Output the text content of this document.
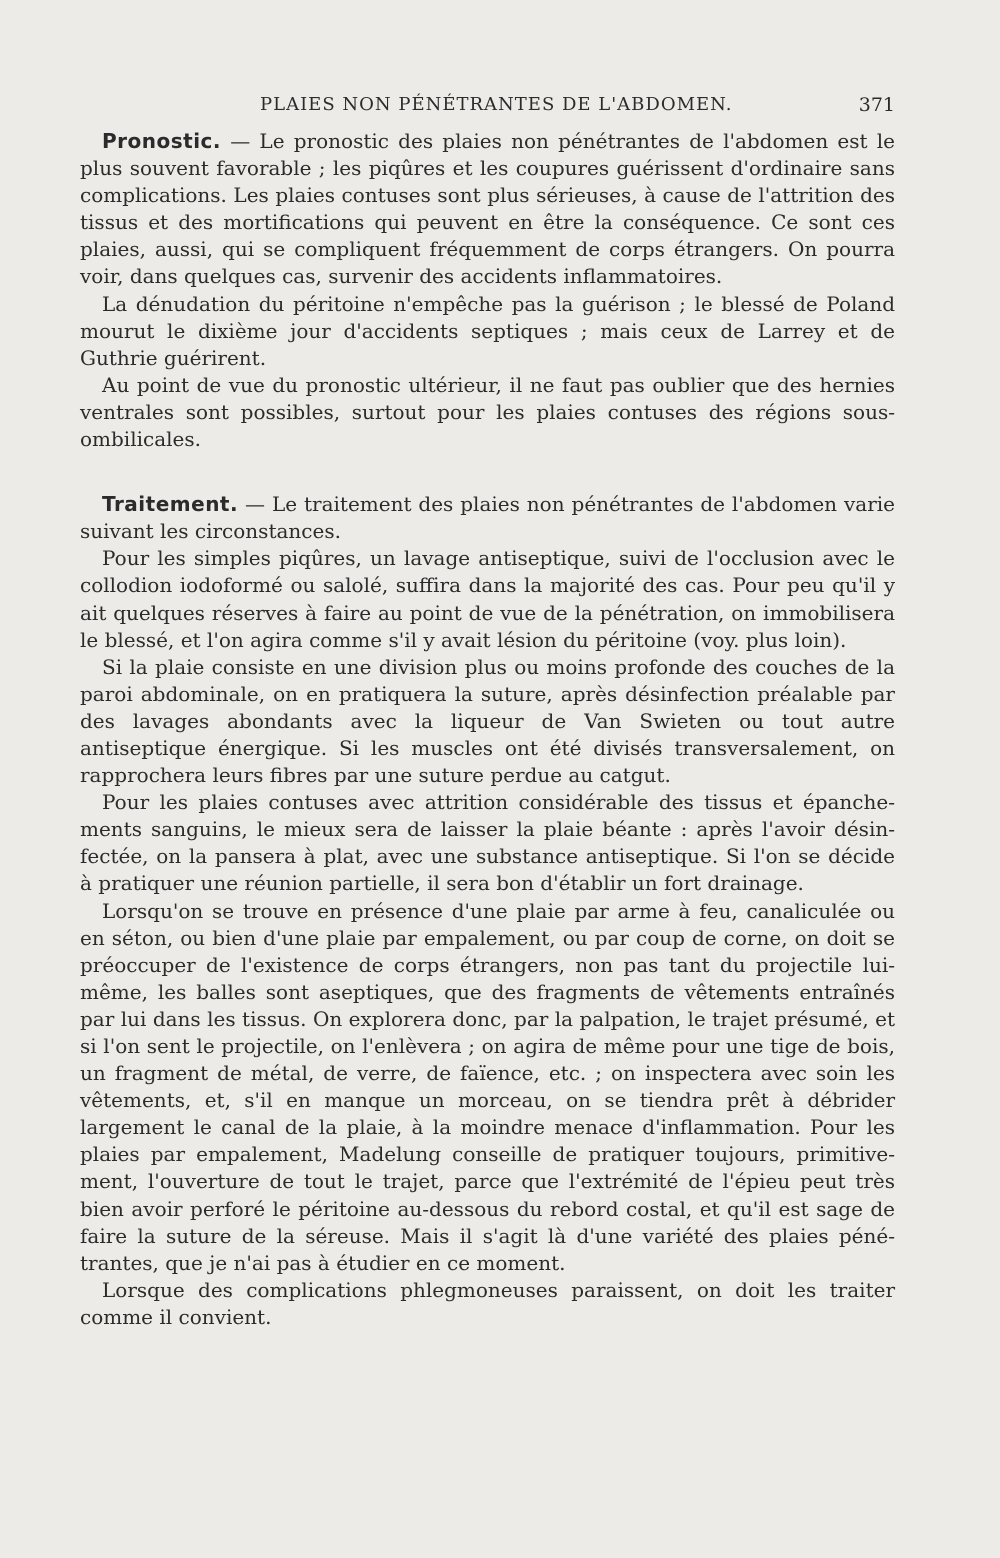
PLAIES NON PÉNÉTRANTES DE L'ABDOMEN.	371

Pronostic. — Le pronostic des plaies non pénétrantes de l'abdomen est le plus souvent favorable ; les piqûres et les coupures guérissent d'ordinaire sans complications. Les plaies contuses sont plus sérieuses, à cause de l'attrition des tissus et des mortifications qui peuvent en être la conséquence. Ce sont ces plaies, aussi, qui se compliquent fréquemment de corps étrangers. On pourra voir, dans quelques cas, survenir des accidents inflammatoires.

La dénudation du péritoine n'empêche pas la guérison ; le blessé de Poland mourut le dixième jour d'accidents septiques ; mais ceux de Larrey et de Guthrie guérirent.

Au point de vue du pronostic ultérieur, il ne faut pas oublier que des hernies ventrales sont possibles, surtout pour les plaies contuses des régions sous-ombilicales.

Traitement. — Le traitement des plaies non pénétrantes de l'abdomen varie suivant les circonstances.

Pour les simples piqûres, un lavage antiseptique, suivi de l'occlusion avec le collodion iodoformé ou salolé, suffira dans la majorité des cas. Pour peu qu'il y ait quelques réserves à faire au point de vue de la pénétration, on immobilisera le blessé, et l'on agira comme s'il y avait lésion du péritoine (voy. plus loin).

Si la plaie consiste en une division plus ou moins profonde des couches de la paroi abdominale, on en pratiquera la suture, après désinfection préalable par des lavages abondants avec la liqueur de Van Swieten ou tout autre antiseptique énergique. Si les muscles ont été divisés transversalement, on rapprochera leurs fibres par une suture perdue au catgut.

Pour les plaies contuses avec attrition considérable des tissus et épanchements sanguins, le mieux sera de laisser la plaie béante : après l'avoir désinfectée, on la pansera à plat, avec une substance antiseptique. Si l'on se décide à pratiquer une réunion partielle, il sera bon d'établir un fort drainage.

Lorsqu'on se trouve en présence d'une plaie par arme à feu, canaliculée ou en séton, ou bien d'une plaie par empalement, ou par coup de corne, on doit se préoccuper de l'existence de corps étrangers, non pas tant du projectile lui-même, les balles sont aseptiques, que des fragments de vêtements entraînés par lui dans les tissus. On explorera donc, par la palpation, le trajet présumé, et si l'on sent le projectile, on l'enlèvera ; on agira de même pour une tige de bois, un fragment de métal, de verre, de faïence, etc. ; on inspectera avec soin les vêtements, et, s'il en manque un morceau, on se tiendra prêt à débrider largement le canal de la plaie, à la moindre menace d'inflammation. Pour les plaies par empalement, Madelung conseille de pratiquer toujours, primitivement, l'ouverture de tout le trajet, parce que l'extrémité de l'épieu peut très bien avoir perforé le péritoine au-dessous du rebord costal, et qu'il est sage de faire la suture de la séreuse. Mais il s'agit là d'une variété des plaies pénétrantes, que je n'ai pas à étudier en ce moment.

Lorsque des complications phlegmoneuses paraissent, on doit les traiter comme il convient.
